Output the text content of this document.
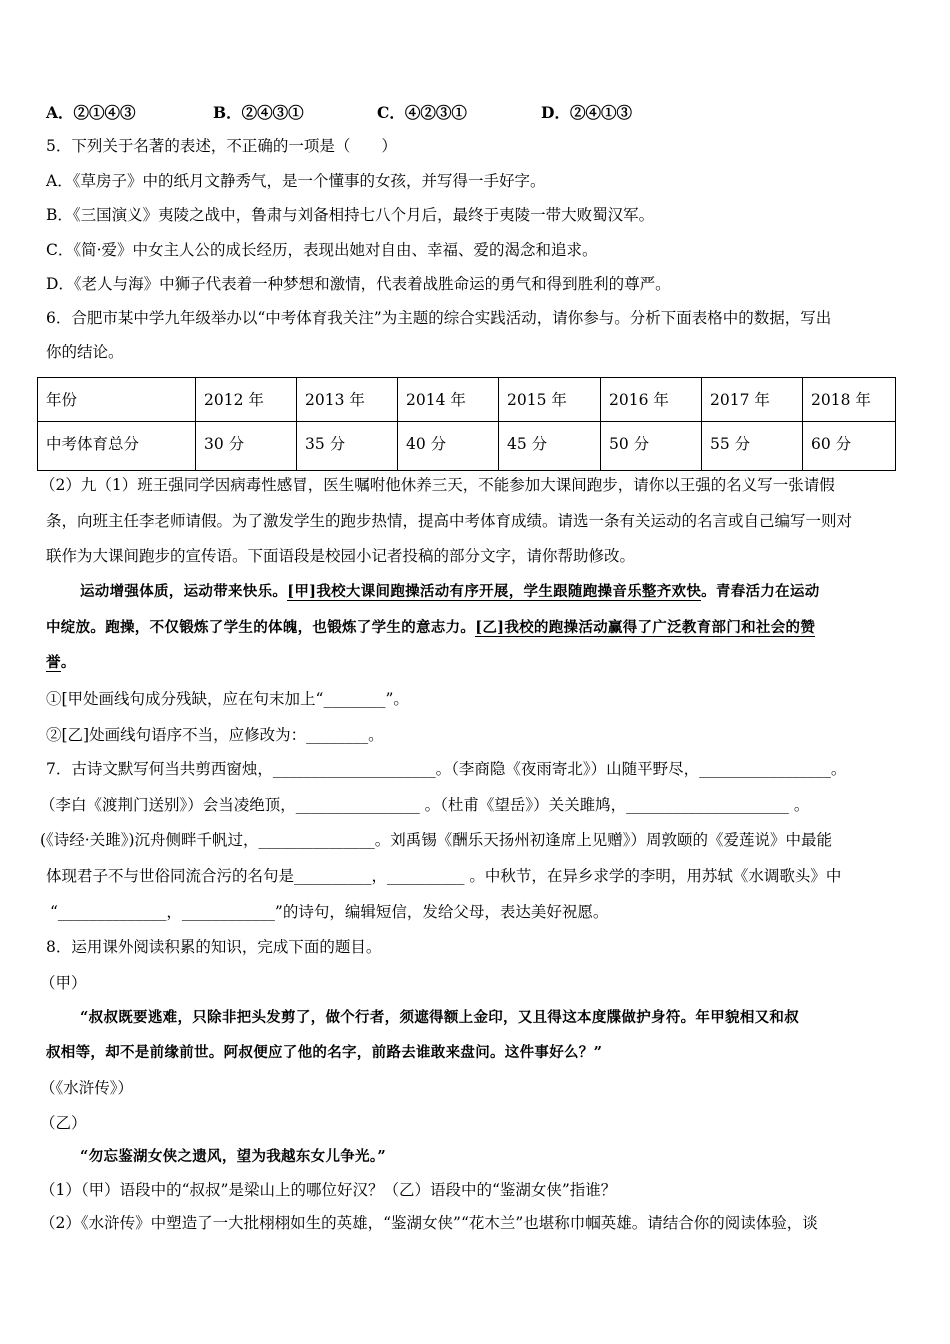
A．②①④③	B．②④③①	C．④②③①	D．②④①③
5．下列关于名著的表述，不正确的一项是（　　）
A．《草房子》中的纸月文静秀气，是一个懂事的女孩，并写得一手好字。
B．《三国演义》夷陵之战中，鲁肃与刘备相持七八个月后，最终于夷陵一带大败蜀汉军。
C．《简·爱》中女主人公的成长经历，表现出她对自由、幸福、爱的渴念和追求。
D．《老人与海》中狮子代表着一种梦想和激情，代表着战胜命运的勇气和得到胜利的尊严。
6．合肥市某中学九年级举办以“中考体育我关注”为主题的综合实践活动，请你参与。分析下面表格中的数据，写出
你的结论。
年份	2012 年	2013 年	2014 年	2015 年	2016 年	2017 年	2018 年
中考体育总分	30 分	35 分	40 分	45 分	50 分	55 分	60 分
（2）九（1）班王强同学因病毒性感冒，医生嘱咐他休养三天，不能参加大课间跑步，请你以王强的名义写一张请假
条，向班主任李老师请假。为了激发学生的跑步热情，提高中考体育成绩。请选一条有关运动的名言或自己编写一则对
联作为大课间跑步的宣传语。下面语段是校园小记者投稿的部分文字，请你帮助修改。
运动增强体质，运动带来快乐。[甲]我校大课间跑操活动有序开展，学生跟随跑操音乐整齐欢快。青春活力在运动
中绽放。跑操，不仅锻炼了学生的体魄，也锻炼了学生的意志力。[乙]我校的跑操活动赢得了广泛教育部门和社会的赞
誉。
①[甲处画线句成分残缺，应在句末加上“________”。
②[乙]处画线句语序不当，应修改为：________。
7．古诗文默写何当共剪西窗烛，_____________________。（李商隐《夜雨寄北》）山随平野尽，_________________。
（李白《渡荆门送别》）会当凌绝顶，________________ 。（杜甫《望岳》）关关雎鸠，_____________________ 。
(《诗经·关雎》)沉舟侧畔千帆过，_______________。刘禹锡《酬乐天扬州初逢席上见赠》）周敦颐的《爱莲说》中最能
体现君子不与世俗同流合污的名句是__________，__________ 。中秋节，在异乡求学的李明，用苏轼《水调歌头》中
“______________，____________”的诗句，编辑短信，发给父母，表达美好祝愿。
8．运用课外阅读积累的知识，完成下面的题目。
（甲）
“叔叔既要逃难，只除非把头发剪了，做个行者，须遮得额上金印，又且得这本度牒做护身符。年甲貌相又和叔
叔相等，却不是前缘前世。阿叔便应了他的名字，前路去谁敢来盘问。这件事好么？”
（《水浒传》）
（乙）
“勿忘鉴湖女侠之遗风，望为我越东女儿争光。”
（1）（甲）语段中的“叔叔”是梁山上的哪位好汉？（乙）语段中的“鉴湖女侠”指谁？
（2）《水浒传》中塑造了一大批栩栩如生的英雄，“鉴湖女侠”“花木兰”也堪称巾帼英雄。请结合你的阅读体验，谈
